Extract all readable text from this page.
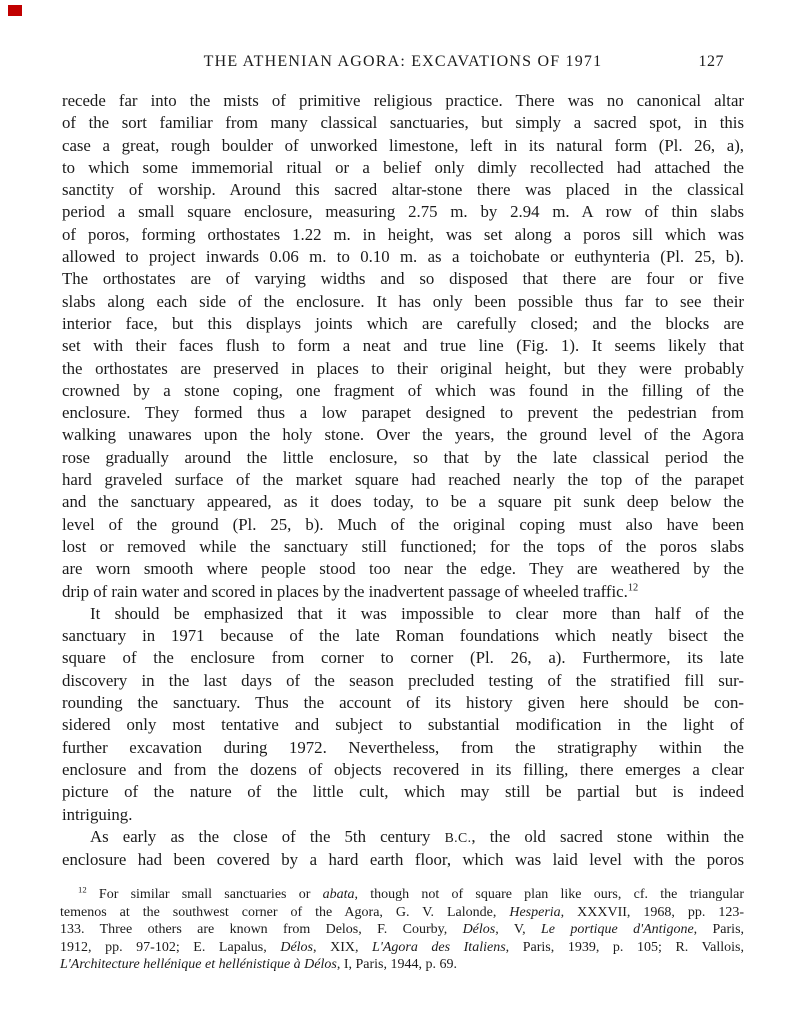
THE ATHENIAN AGORA: EXCAVATIONS OF 1971	127
recede far into the mists of primitive religious practice. There was no canonical altar
of the sort familiar from many classical sanctuaries, but simply a sacred spot, in this
case a great, rough boulder of unworked limestone, left in its natural form (Pl. 26, a),
to which some immemorial ritual or a belief only dimly recollected had attached the
sanctity of worship. Around this sacred altar-stone there was placed in the classical
period a small square enclosure, measuring 2.75 m. by 2.94 m. A row of thin slabs
of poros, forming orthostates 1.22 m. in height, was set along a poros sill which was
allowed to project inwards 0.06 m. to 0.10 m. as a toichobate or euthynteria (Pl. 25, b).
The orthostates are of varying widths and so disposed that there are four or five
slabs along each side of the enclosure. It has only been possible thus far to see their
interior face, but this displays joints which are carefully closed; and the blocks are
set with their faces flush to form a neat and true line (Fig. 1). It seems likely that
the orthostates are preserved in places to their original height, but they were probably
crowned by a stone coping, one fragment of which was found in the filling of the
enclosure. They formed thus a low parapet designed to prevent the pedestrian from
walking unawares upon the holy stone. Over the years, the ground level of the Agora
rose gradually around the little enclosure, so that by the late classical period the
hard graveled surface of the market square had reached nearly the top of the parapet
and the sanctuary appeared, as it does today, to be a square pit sunk deep below the
level of the ground (Pl. 25, b). Much of the original coping must also have been
lost or removed while the sanctuary still functioned; for the tops of the poros slabs
are worn smooth where people stood too near the edge. They are weathered by the
drip of rain water and scored in places by the inadvertent passage of wheeled traffic.$^{12}$
It should be emphasized that it was impossible to clear more than half of the
sanctuary in 1971 because of the late Roman foundations which neatly bisect the
square of the enclosure from corner to corner (Pl. 26, a). Furthermore, its late
discovery in the last days of the season precluded testing of the stratified fill sur-
rounding the sanctuary. Thus the account of its history given here should be con-
sidered only most tentative and subject to substantial modification in the light of
further excavation during 1972. Nevertheless, from the stratigraphy within the
enclosure and from the dozens of objects recovered in its filling, there emerges a clear
picture of the nature of the little cult, which may still be partial but is indeed
intriguing.
As early as the close of the 5th century B.C., the old sacred stone within the
enclosure had been covered by a hard earth floor, which was laid level with the poros
$^{12}$ For similar small sanctuaries or abata, though not of square plan like ours, cf. the triangular
temenos at the southwest corner of the Agora, G. V. Lalonde, Hesperia, XXXVII, 1968, pp. 123-
133. Three others are known from Delos, F. Courby, Délos, V, Le portique d'Antigone, Paris,
1912, pp. 97-102; E. Lapalus, Délos, XIX, L'Agora des Italiens, Paris, 1939, p. 105; R. Vallois,
L'Architecture hellénique et hellénistique à Délos, I, Paris, 1944, p. 69.
